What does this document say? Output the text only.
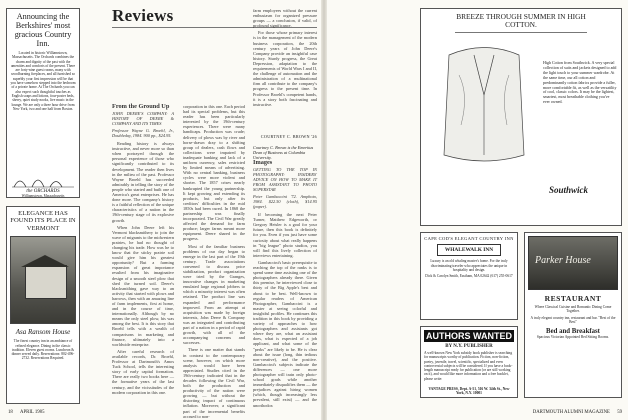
Announcing the Berkshires' most gracious Country Inn.
Located in historic Williamstown, Massachusetts. The Orchards combines the charm and dignity of the past with the amenities and comforts of the present. There are forty-nine guest rooms, many with woodburning fireplaces, and all furnished so superbly your first impression will be that you have somehow stepped into the bedroom of a private home. At The Orchards you can also expect such thoughtful touches as English soaps and lotions, four-poster beds, sherry, quiet study nooks, live music in the lounge. We are only a three hour drive from New York, two and one half from Boston.
the ORCHARDS
Williamstown, Massachusetts
ELEGANCE HAS FOUND ITS PLACE IN VERMONT
Asa Ransom House
The finest country inn in an ambiance of refined elegance. Dining in the classic tradition. Eleven guest rooms. Luncheon & dinner served daily. Reservations: 802-496-2732. Reservations Required.
Reviews
From the Ground Up
JOHN DEERE'S COMPANY: A HISTORY OF DEERE & COMPANY AND ITS TIMES
Professor Wayne G. Broehl, Jr., Doubleday, 1984. 900 pp., $24.95.

Reading history is always instructive, and never more so than when portrayed through the personal experience of those who significantly contributed to its development. The reader then lives in the milieu of the past. Professor Wayne Broehl has succeeded admirably in telling the story of the people who started and built one of America's great enterprises. He has done more. The company's history is a faithful reflection of the unique characteristics of a nation in the 19th-century stage of its explosive growth.

When John Deere left his Vermont blacksmithery to join the wave of migrants to the midwestern prairies, he had no thought of changing his trade. How was he to know that the sticky prairie soil would give him his greatest opportunity? But a farming expansion of great importance resulted from his imaginative design of a smooth steel plow that shed the turned soil. Deere's blacksmithing gave way to an activity that started with plows and harrows, then with an amazing line of farm implements, first at home, and in the course of time, internationally. Although by no means the only steel plow, his was among the best. It is this story that Broehl tells with a wealth of comparisons in marketing and finance, ultimately into a worldwide enterprise.

After careful research of available records, Dr. Broehl, Professor at Dartmouth's Amos Tuck School, tells the interesting story of early capital formation. There are really two books here — the formative years of the last century, and the vicissitudes of the modern corporation in this one.

corporation in this one. Each period had its special problems, but this reader has been particularly interested by the 19th-century experiences. There were many handicaps. Production was crude; delivery of plows was by river and horse-drawn dray to a shifting group of dealers, cash flows and collections were impaired by inadequate banking and lack of a uniform currency, sales restricted by limited means of advertising. With no central banking, business cycles were more violent and shorter. The 1857 crises nearly bankrupted the young partnership. It kept growing and extending its products, but only after its creditors' difficulties in the mid 1850s had been cured. In 1868 the partnership was finally incorporated. The Civil War greatly affected the demand for farm produce; larger farms meant more equipment. Deere shared in the progress.

Most of the familiar business problems of our day began to emerge in the last part of the 19th century. Trade associations convened to discuss price stabilization, product organization were tried by the Granges, innovative changes in marketing emulated large regional jobbers to which a minority interest was often retained. The product line was expanded and performance improved. From an attempt at acquisition was made by foreign interests, John Deere & Company was an integrated and contributing part of a nation in a period of rapid growth, with all of the accompanying concerns and successes.

There is one matter that stands in contrast to the contemporary scene, however, on which more analysis would have been appreciated. Studies cited in the 19th-century indicated that in the decades following the Civil War, both the production and productivity of the nation were growing — but without the distorting impact of continuous inflation. Moreover, a significant part of the incremental benefits accrued to non-

farm employees without the current enthusiasm for organized pressure groups — a conclusion, if valid, of profound significance.

For those whose primary interest is in the management of the modern business corporation, the 20th century years of John Deere's Company provide an insightful case history. Sturdy progress, the Great Depression, adaptation to the requirements of World Wars I and II, the challenge of automation and the administration of a multinational firm all contribute to the company's progress to the present time. In Professor Broehl's competent hands, it is a story both fascinating and instructive.

COURTNEY C. BROWN '26
Courtney C. Brown is the Emeritus Dean of Business at Columbia University.
Images
GETTING TO THE TOP IN PHOTOGRAPHY: INSIDERS' ADVICE ON HOW TO MAKE IT FROM ASSISTANT TO PHOTO SUPERSTAR
Peter Gambaccini '72. Amphoto, 1984. $22.50 (cloth), $14.95 (paper).

If becoming the next Peter Turner, Matthew Edgeworth, or Gregory Heisler is a goal for your future, then this book is definitely for you. Even if you just have some curiosity about what really happens in "big league" photo studios, you will find this lively collection of interviews entertaining.

Gambaccini's basic prerequisite to reaching the top of the ranks is to spend some time assisting one of the photographers already there. Given this premise, he interviewed close to thirty of the Big Apple's best and about to be best. Well-known to regular readers of American Photographer, Gambaccini is a master at seeing colorful and insightful profiles. He continues this tradition in this book by providing a variety of approaches to how photographers and assistants got where they are, what an assistant does, what is expected of a job applicant, and what some of the "perks" are likely to be. He is clear about the issue (long, thin tedious non-creative), and the positive. Gambaccini's subjects indicate the differences — one more photographer will train only photo-school grads while another immediately disqualifies them — the prejudices against hiring women (which, though increasingly less prevalent, still exist) — and the unorthodox

18 APRIL 1985
BREEZE THROUGH SUMMER IN HIGH COTTON.
High Cotton from Southwick. A very special collection of suits and jackets designed to add the light touch to your summer wardrobe. At the same time, our all cotton and predominantly cotton fabrics provide a fuller, more comfortable fit, as well as the versatility of cool, classic colors. It may be the lightest, smartest, most breathable clothing you've ever owned.
Southwick
CAPE COD'S ELEGANT COUNTRY INN
WHALEWALK INN
Luxury is an old whaling master's home. For the truly discriminating traveler who appreciates the unique in hospitality and design.
Dick & Carolyn Smith, Eastham, MA 02642 (617) 255-0617
Parker House
RESTAURANT
Where Classical Cuisine and Romantic Dining Come Together.
A truly elegant country inn, restaurant and bar. "Best of the Best"
Bed and Breakfast
Spacious Victorian Appointed Bed Sitting Rooms.
AUTHORS WANTED
BY N.Y. PUBLISHER
A well-known New York subsidy book publisher is searching for manuscripts worthy of publication. Fiction, non-fiction, poetry, juvenile, travel, scientific, specialized and even controversial subjects will be considered. If you have a book-length manuscript ready for publication (or are still working on it), and would like more information and a free booklet, please write:
VANTAGE PRESS, Dept. A-51, 516 W. 34th St., New York, N.Y. 10001
DARTMOUTH ALUMNI MAGAZINE 59
